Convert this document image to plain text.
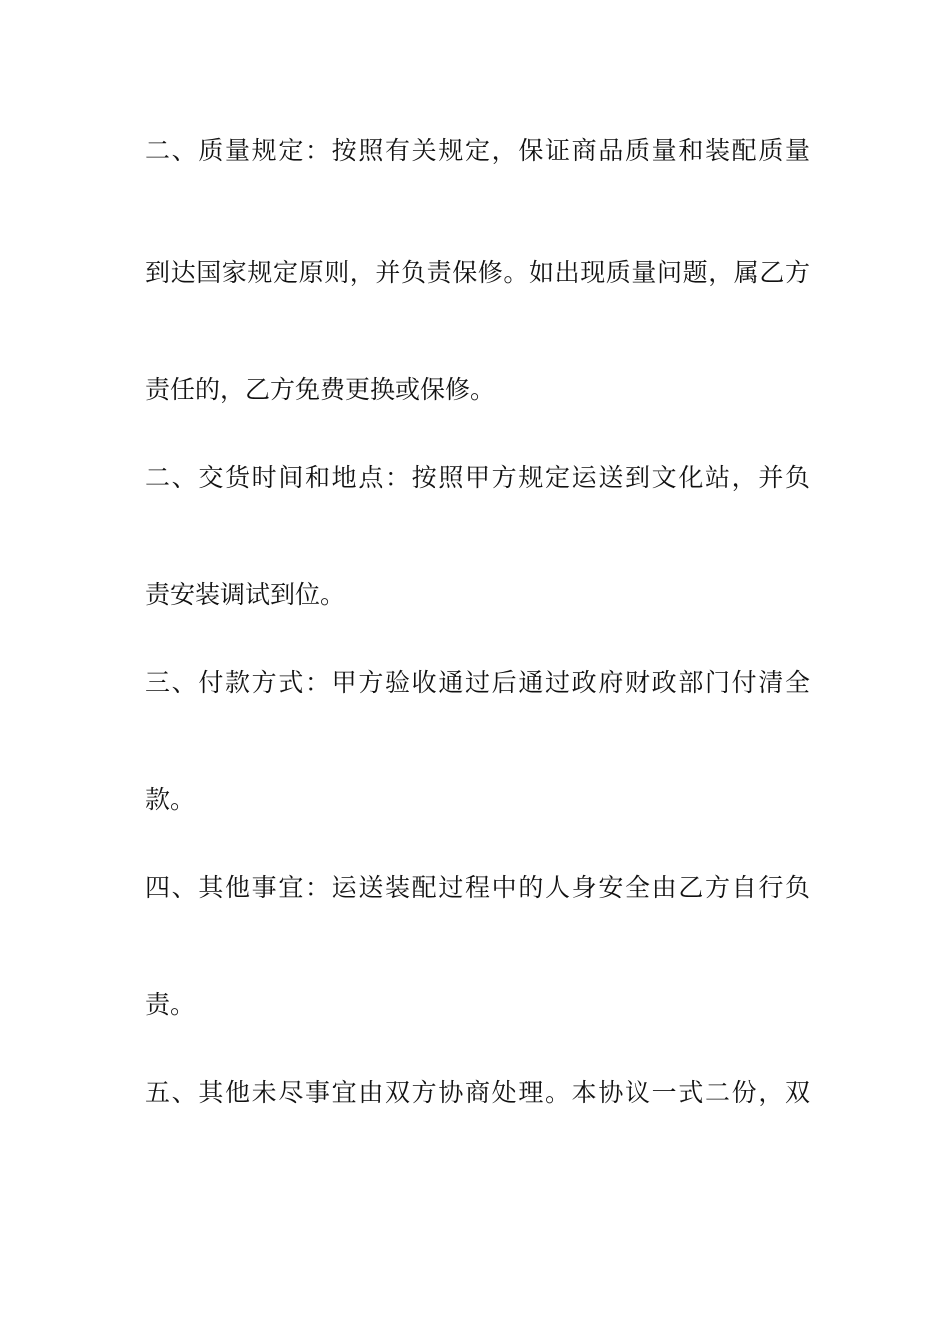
二、质量规定：按照有关规定，保证商品质量和装配质量
到达国家规定原则，并负责保修。如出现质量问题，属乙方
责任的，乙方免费更换或保修。
二、交货时间和地点：按照甲方规定运送到文化站，并负
责安装调试到位。
三、付款方式：甲方验收通过后通过政府财政部门付清全
款。
四、其他事宜：运送装配过程中的人身安全由乙方自行负
责。
五、其他未尽事宜由双方协商处理。本协议一式二份，双
